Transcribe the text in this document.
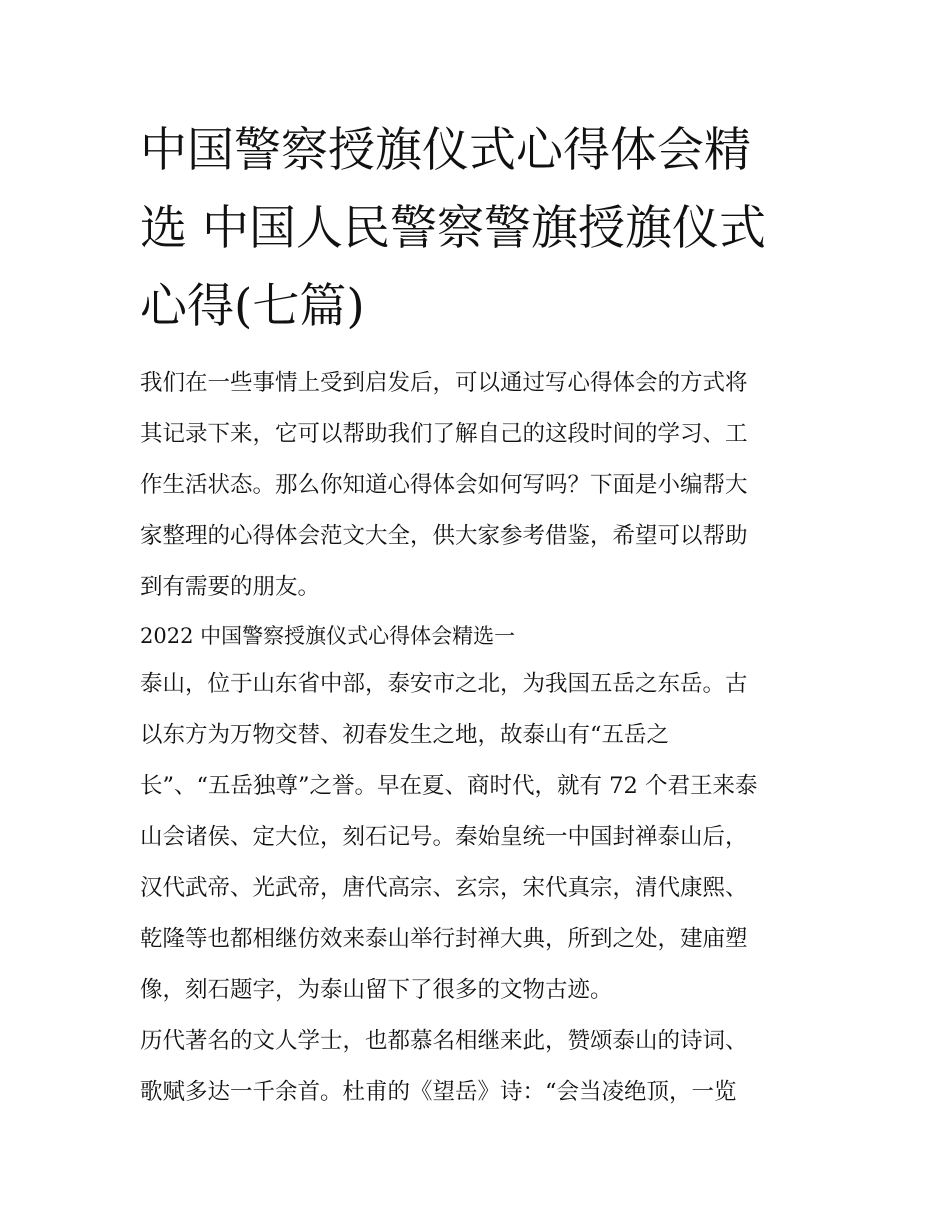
中国警察授旗仪式心得体会精
选 中国人民警察警旗授旗仪式
心得(七篇)

我们在一些事情上受到启发后，可以通过写心得体会的方式将
其记录下来，它可以帮助我们了解自己的这段时间的学习、工
作生活状态。那么你知道心得体会如何写吗？下面是小编帮大
家整理的心得体会范文大全，供大家参考借鉴，希望可以帮助
到有需要的朋友。

2022 中国警察授旗仪式心得体会精选一

泰山，位于山东省中部，泰安市之北，为我国五岳之东岳。古
以东方为万物交替、初春发生之地，故泰山有“五岳之
长”、“五岳独尊”之誉。早在夏、商时代，就有 72 个君王来泰
山会诸侯、定大位，刻石记号。秦始皇统一中国封禅泰山后，
汉代武帝、光武帝，唐代高宗、玄宗，宋代真宗，清代康熙、
乾隆等也都相继仿效来泰山举行封禅大典，所到之处，建庙塑
像，刻石题字，为泰山留下了很多的文物古迹。

历代著名的文人学士，也都慕名相继来此，赞颂泰山的诗词、
歌赋多达一千余首。杜甫的《望岳》诗：“会当凌绝顶，一览
